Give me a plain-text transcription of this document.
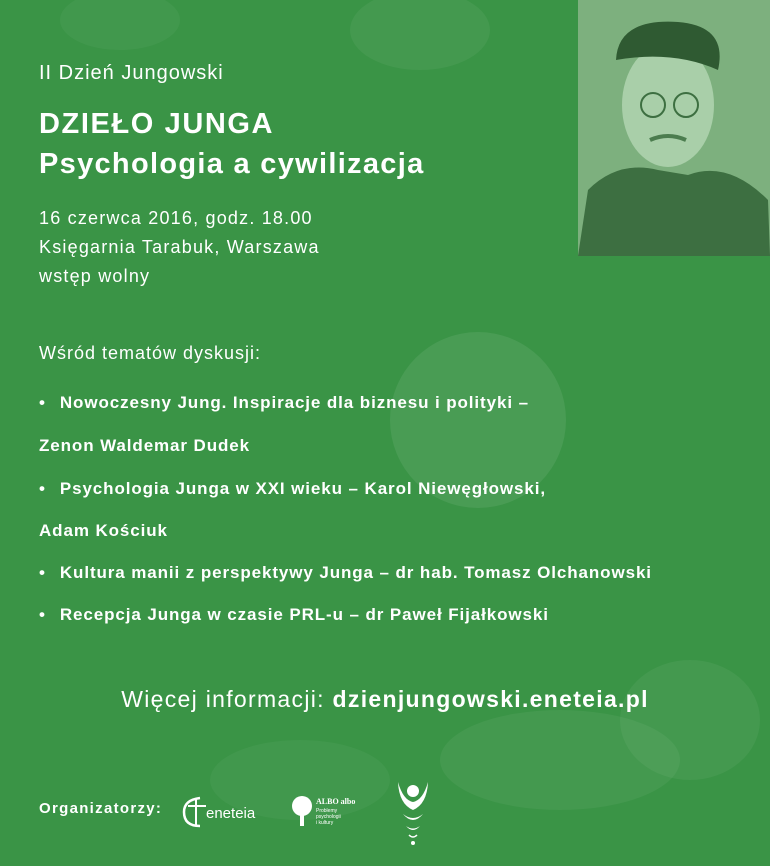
II Dzień Jungowski
DZIEŁO JUNGA
Psychologia a cywilizacja
16 czerwca 2016, godz. 18.00
Księgarnia Tarabuk, Warszawa
wstęp wolny
Wśród tematów dyskusji:
• Nowoczesny Jung. Inspiracje dla biznesu i polityki –
Zenon Waldemar Dudek
• Psychologia Junga w XXI wieku – Karol Niewęgłowski,
Adam Kościuk
• Kultura manii z perspektywy Junga – dr hab. Tomasz Olchanowski
• Recepcja Junga w czasie PRL-u – dr Paweł Fijałkowski
Więcej informacji: dzienjungowski.eneteia.pl
Organizatorzy:	eneteia
ALBO albo
Problemy
psychologii
i kultury
